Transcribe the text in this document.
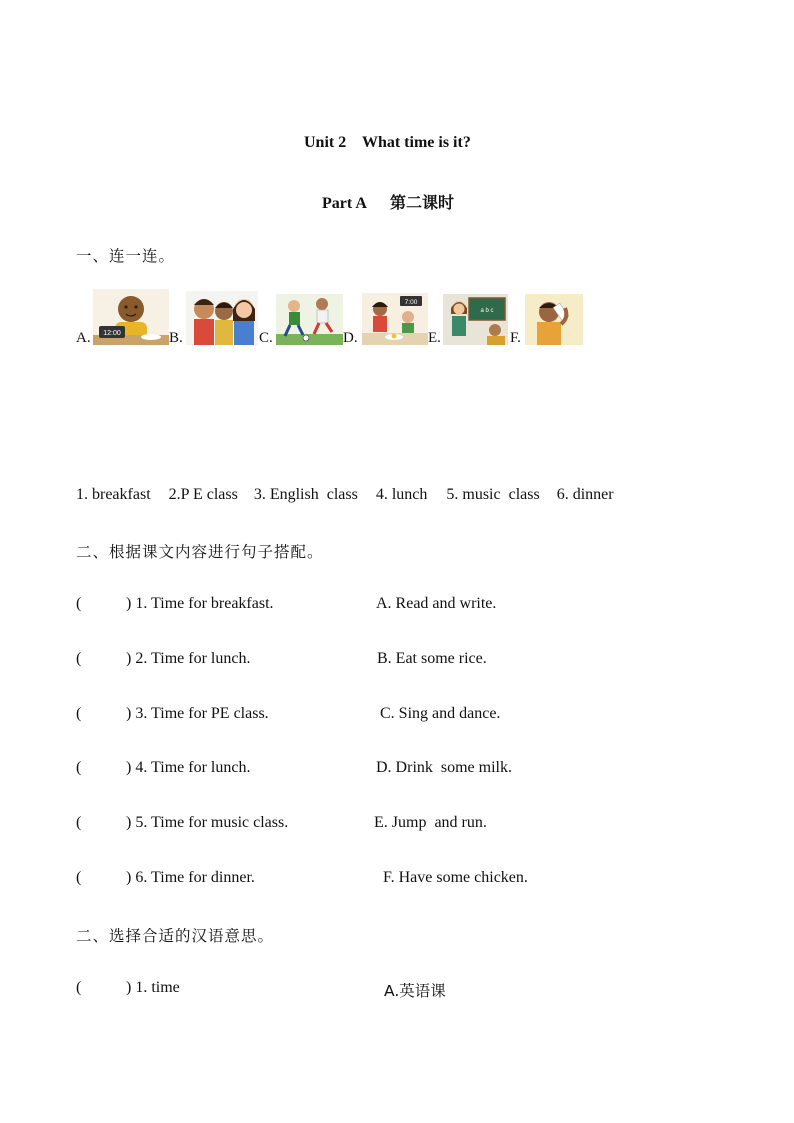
Unit 2    What time is it?
Part A      第二课时
一、连一连。
A. 12:00	B.	C.	D.
7:00
E.
a b c
F.
1. breakfast 2.P E class 3. English  class 4. lunch 5. music  class 6. dinner
二、根据课文内容进行句子搭配。
(	) 1. Time for breakfast.	A. Read and write.
(	) 2. Time for lunch.	B. Eat some rice.
(	) 3. Time for PE class.	C. Sing and dance.
(	) 4. Time for lunch.	D. Drink  some milk.
(	) 5. Time for music class.	E. Jump  and run.
(	) 6. Time for dinner.	F. Have some chicken.
二、选择合适的汉语意思。
(	) 1. time	A.英语课
